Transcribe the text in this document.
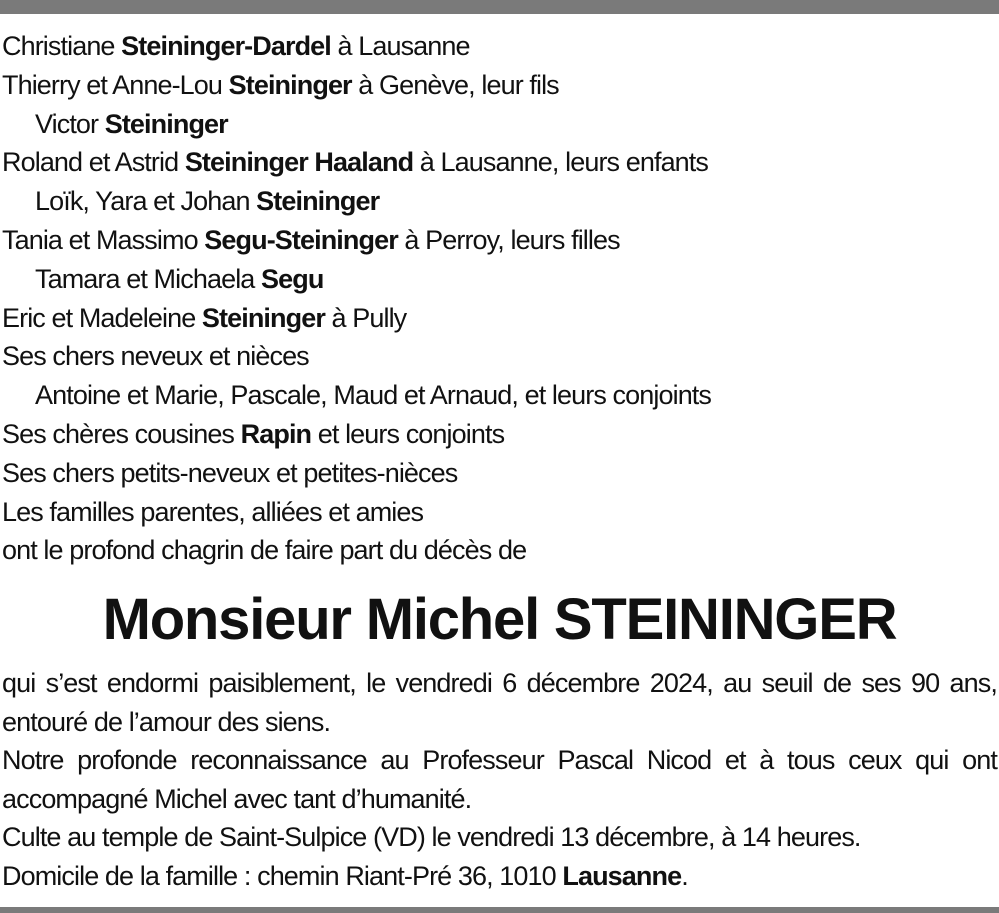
Christiane Steininger-Dardel à Lausanne
Thierry et Anne-Lou Steininger à Genève, leur fils
Victor Steininger
Roland et Astrid Steininger Haaland à Lausanne, leurs enfants
Loïk, Yara et Johan Steininger
Tania et Massimo Segu-Steininger à Perroy, leurs filles
Tamara et Michaela Segu
Eric et Madeleine Steininger à Pully
Ses chers neveux et nièces
Antoine et Marie, Pascale, Maud et Arnaud, et leurs conjoints
Ses chères cousines Rapin et leurs conjoints
Ses chers petits-neveux et petites-nièces
Les familles parentes, alliées et amies
ont le profond chagrin de faire part du décès de
Monsieur Michel STEININGER

qui s’est endormi paisiblement, le vendredi 6 décembre 2024, au seuil de ses 90 ans, entouré de l’amour des siens.

Notre profonde reconnaissance au Professeur Pascal Nicod et à tous ceux qui ont accompagné Michel avec tant d’humanité.

Culte au temple de Saint-Sulpice (VD) le vendredi 13 décembre, à 14 heures.

Domicile de la famille : chemin Riant-Pré 36, 1010 Lausanne.
